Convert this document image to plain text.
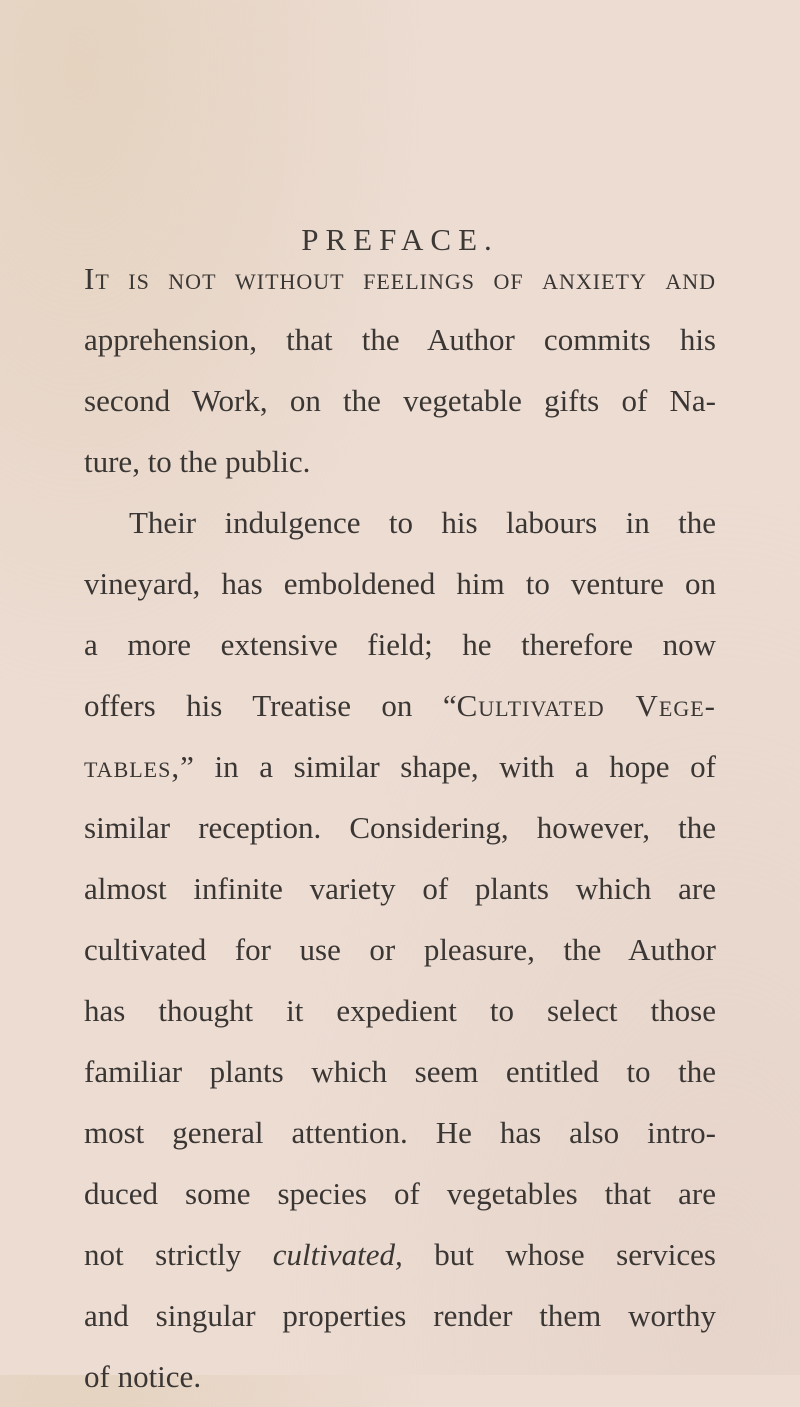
PREFACE.
It is not without feelings of anxiety and
apprehension, that the Author commits his
second Work, on the vegetable gifts of Na-
ture, to the public.
Their indulgence to his labours in the
vineyard, has emboldened him to venture on
a more extensive field; he therefore now
offers his Treatise on “Cultivated Vege-
tables,” in a similar shape, with a hope of
similar reception. Considering, however, the
almost infinite variety of plants which are
cultivated for use or pleasure, the Author
has thought it expedient to select those
familiar plants which seem entitled to the
most general attention. He has also intro-
duced some species of vegetables that are
not strictly cultivated, but whose services
and singular properties render them worthy
of notice.
